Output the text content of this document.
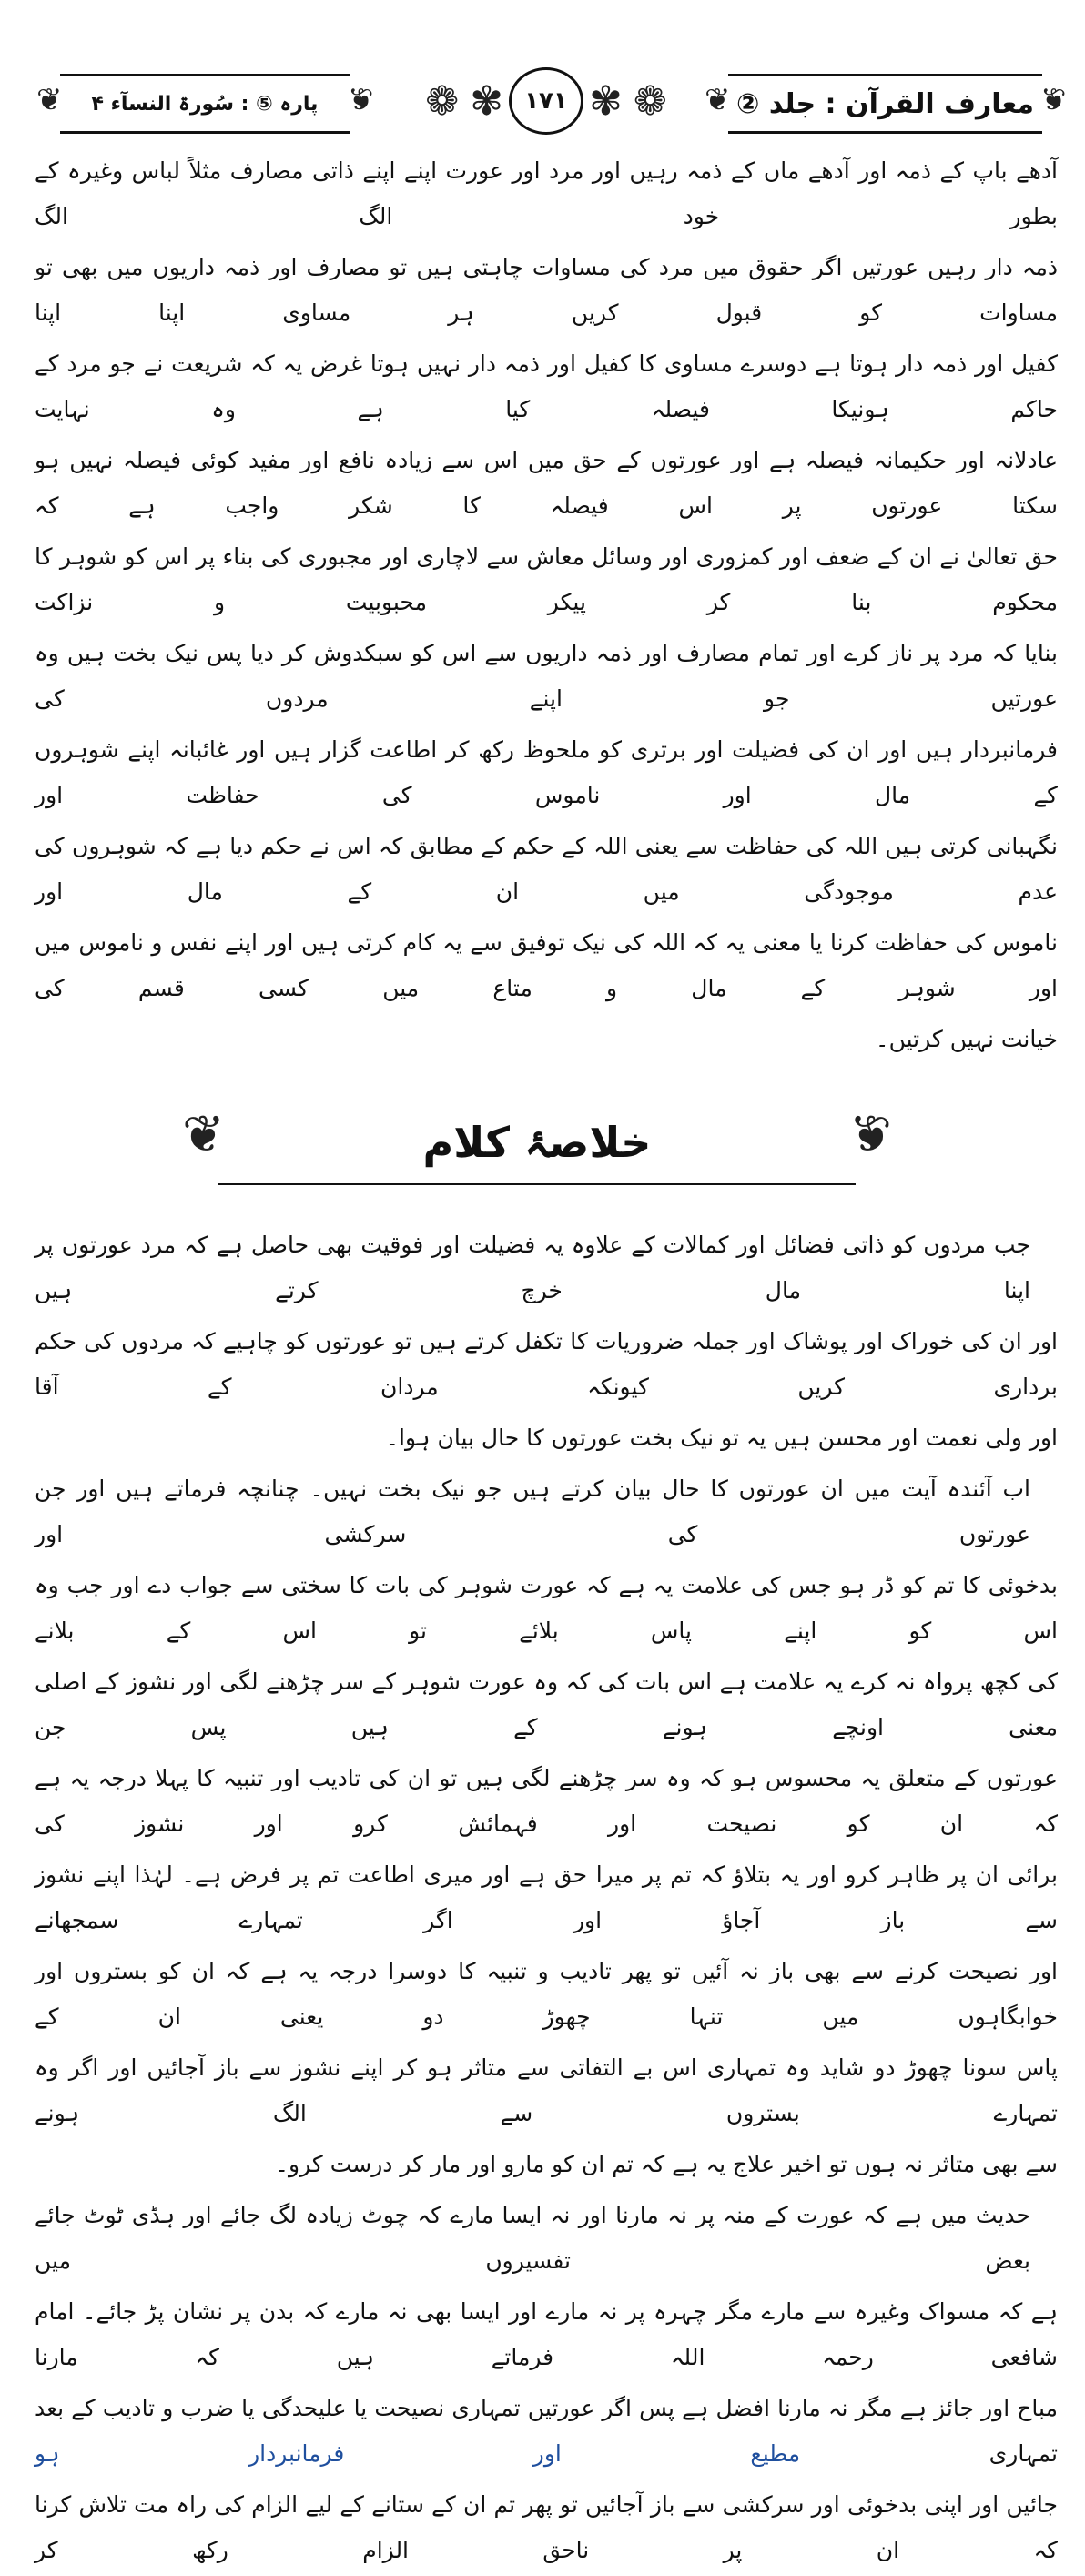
❦ پارہ ⑤ : سُورۃ النسآء ۴
❦	❁ ✾ ۱۷۱ ✾ ❁	❦ معارف القرآن : جلد ②
❦
آدھے باپ کے ذمہ اور آدھے ماں کے ذمہ رہیں اور مرد اور عورت اپنے اپنے ذاتی مصارف مثلاً لباس وغیرہ کے بطور خود الگ الگ
ذمہ دار رہیں عورتیں اگر حقوق میں مرد کی مساوات چاہتی ہیں تو مصارف اور ذمہ داریوں میں بھی تو مساوات کو قبول کریں ہر مساوی اپنا اپنا
کفیل اور ذمہ دار ہوتا ہے دوسرے مساوی کا کفیل اور ذمہ دار نہیں ہوتا غرض یہ کہ شریعت نے جو مرد کے حاکم ہونیکا فیصلہ کیا ہے وہ نہایت
عادلانہ اور حکیمانہ فیصلہ ہے اور عورتوں کے حق میں اس سے زیادہ نافع اور مفید کوئی فیصلہ نہیں ہو سکتا عورتوں پر اس فیصلہ کا شکر واجب ہے کہ
حق تعالیٰ نے ان کے ضعف اور کمزوری اور وسائل معاش سے لاچاری اور مجبوری کی بناء پر اس کو شوہر کا محکوم بنا کر پیکر محبوبیت و نزاکت
بنایا کہ مرد پر ناز کرے اور تمام مصارف اور ذمہ داریوں سے اس کو سبکدوش کر دیا پس نیک بخت ہیں وہ عورتیں جو اپنے مردوں کی
فرمانبردار ہیں اور ان کی فضیلت اور برتری کو ملحوظ رکھ کر اطاعت گزار ہیں اور غائبانہ اپنے شوہروں کے مال اور ناموس کی حفاظت اور
نگہبانی کرتی ہیں اللہ کی حفاظت سے یعنی اللہ کے حکم کے مطابق کہ اس نے حکم دیا ہے کہ شوہروں کی عدم موجودگی میں ان کے مال اور
ناموس کی حفاظت کرنا یا معنی یہ کہ اللہ کی نیک توفیق سے یہ کام کرتی ہیں اور اپنے نفس و ناموس میں اور شوہر کے مال و متاع میں کسی قسم کی
خیانت نہیں کرتیں۔
❦	خلاصۂ کلام	❦
جب مردوں کو ذاتی فضائل اور کمالات کے علاوہ یہ فضیلت اور فوقیت بھی حاصل ہے کہ مرد عورتوں پر اپنا مال خرچ کرتے ہیں
اور ان کی خوراک اور پوشاک اور جملہ ضروریات کا تکفل کرتے ہیں تو عورتوں کو چاہیے کہ مردوں کی حکم برداری کریں کیونکہ مردان کے آقا
اور ولی نعمت اور محسن ہیں یہ تو نیک بخت عورتوں کا حال بیان ہوا۔
اب آئندہ آیت میں ان عورتوں کا حال بیان کرتے ہیں جو نیک بخت نہیں۔ چنانچہ فرماتے ہیں اور جن عورتوں کی سرکشی اور
بدخوئی کا تم کو ڈر ہو جس کی علامت یہ ہے کہ عورت شوہر کی بات کا سختی سے جواب دے اور جب وہ اس کو اپنے پاس بلائے تو اس کے بلانے
کی کچھ پرواہ نہ کرے یہ علامت ہے اس بات کی کہ وہ عورت شوہر کے سر چڑھنے لگی اور نشوز کے اصلی معنی اونچے ہونے کے ہیں پس جن
عورتوں کے متعلق یہ محسوس ہو کہ وہ سر چڑھنے لگی ہیں تو ان کی تادیب اور تنبیہ کا پہلا درجہ یہ ہے کہ ان کو نصیحت اور فہمائش کرو اور نشوز کی
برائی ان پر ظاہر کرو اور یہ بتلاؤ کہ تم پر میرا حق ہے اور میری اطاعت تم پر فرض ہے۔ لہٰذا اپنے نشوز سے باز آجاؤ اور اگر تمہارے سمجھانے
اور نصیحت کرنے سے بھی باز نہ آئیں تو پھر تادیب و تنبیہ کا دوسرا درجہ یہ ہے کہ ان کو بستروں اور خوابگاہوں میں تنہا چھوڑ دو یعنی ان کے
پاس سونا چھوڑ دو شاید وہ تمہاری اس بے التفاتی سے متاثر ہو کر اپنے نشوز سے باز آجائیں اور اگر وہ تمہارے بستروں سے الگ ہونے
سے بھی متاثر نہ ہوں تو اخیر علاج یہ ہے کہ تم ان کو مارو اور مار کر درست کرو۔
حدیث میں ہے کہ عورت کے منہ پر نہ مارنا اور نہ ایسا مارے کہ چوٹ زیادہ لگ جائے اور ہڈی ٹوٹ جائے بعض تفسیروں میں
ہے کہ مسواک وغیرہ سے مارے مگر چہرہ پر نہ مارے اور ایسا بھی نہ مارے کہ بدن پر نشان پڑ جائے۔ امام شافعی رحمہ اللہ فرماتے ہیں کہ مارنا
مباح اور جائز ہے مگر نہ مارنا افضل ہے پس اگر عورتیں تمہاری نصیحت یا علیحدگی یا ضرب و تادیب کے بعد تمہاری مطیع اور فرمانبردار ہو
جائیں اور اپنی بدخوئی اور سرکشی سے باز آجائیں تو پھر تم ان کے ستانے کے لیے الزام کی راہ مت تلاش کرنا کہ ان پر ناحق الزام رکھ کر
